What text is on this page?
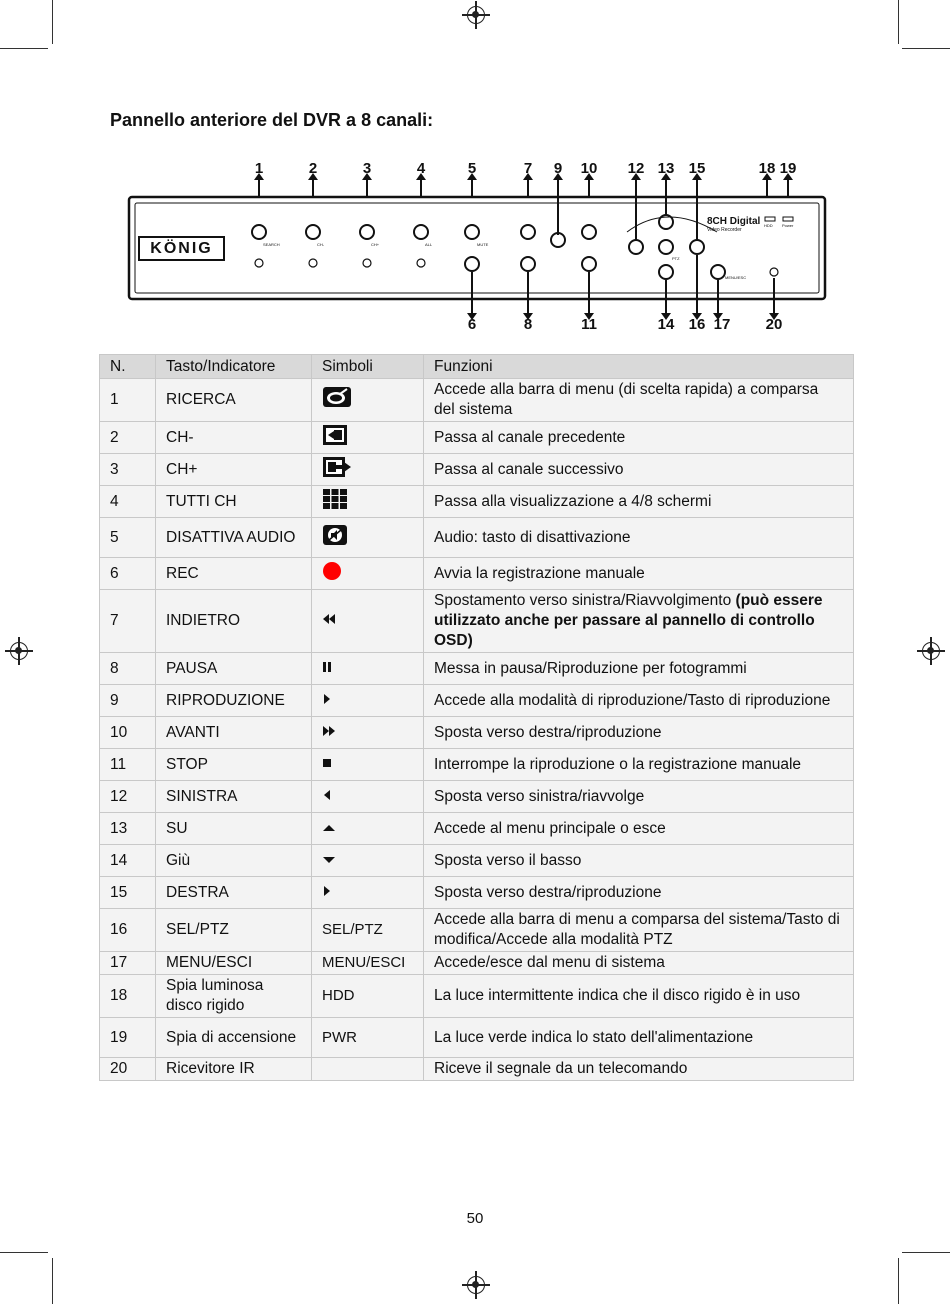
Pannello anteriore del DVR a 8 canali:
KÖNIG
8CH Digital
Video Recorder
SEARCH	CH-	CH+	ALL	MUTE
PTZ
MENU/ESC
HDD Power
1	2	3	4	5	7	9	10	12 13 15	18 19
6	8	11	14 16 17	20
N.	Tasto/Indicatore	Simboli	Funzioni
1	RICERCA		Accede alla barra di menu (di scelta rapida) a comparsa del sistema
2	CH-		Passa al canale precedente
3	CH+		Passa al canale successivo
4	TUTTI CH		Passa alla visualizzazione a 4/8 schermi
5	DISATTIVA AUDIO		Audio: tasto di disattivazione
6	REC		Avvia la registrazione manuale
7	INDIETRO		Spostamento verso sinistra/Riavvolgimento (può essere utilizzato anche per passare al pannello di controllo OSD)
8	PAUSA		Messa in pausa/Riproduzione per fotogrammi
9	RIPRODUZIONE		Accede alla modalità di riproduzione/Tasto di riproduzione
10	AVANTI		Sposta verso destra/riproduzione
11	STOP		Interrompe la riproduzione o la registrazione manuale
12	SINISTRA		Sposta verso sinistra/riavvolge
13	SU		Accede al menu principale o esce
14	Giù		Sposta verso il basso
15	DESTRA		Sposta verso destra/riproduzione
16	SEL/PTZ	SEL/PTZ	Accede alla barra di menu a comparsa del sistema/Tasto di modifica/Accede alla modalità PTZ
17	MENU/ESCI	MENU/ESCI	Accede/esce dal menu di sistema
18	Spia luminosa disco rigido	HDD	La luce intermittente indica che il disco rigido è in uso
19	Spia di accensione	PWR	La luce verde indica lo stato dell'alimentazione
20	Ricevitore IR		Riceve il segnale da un telecomando
50
